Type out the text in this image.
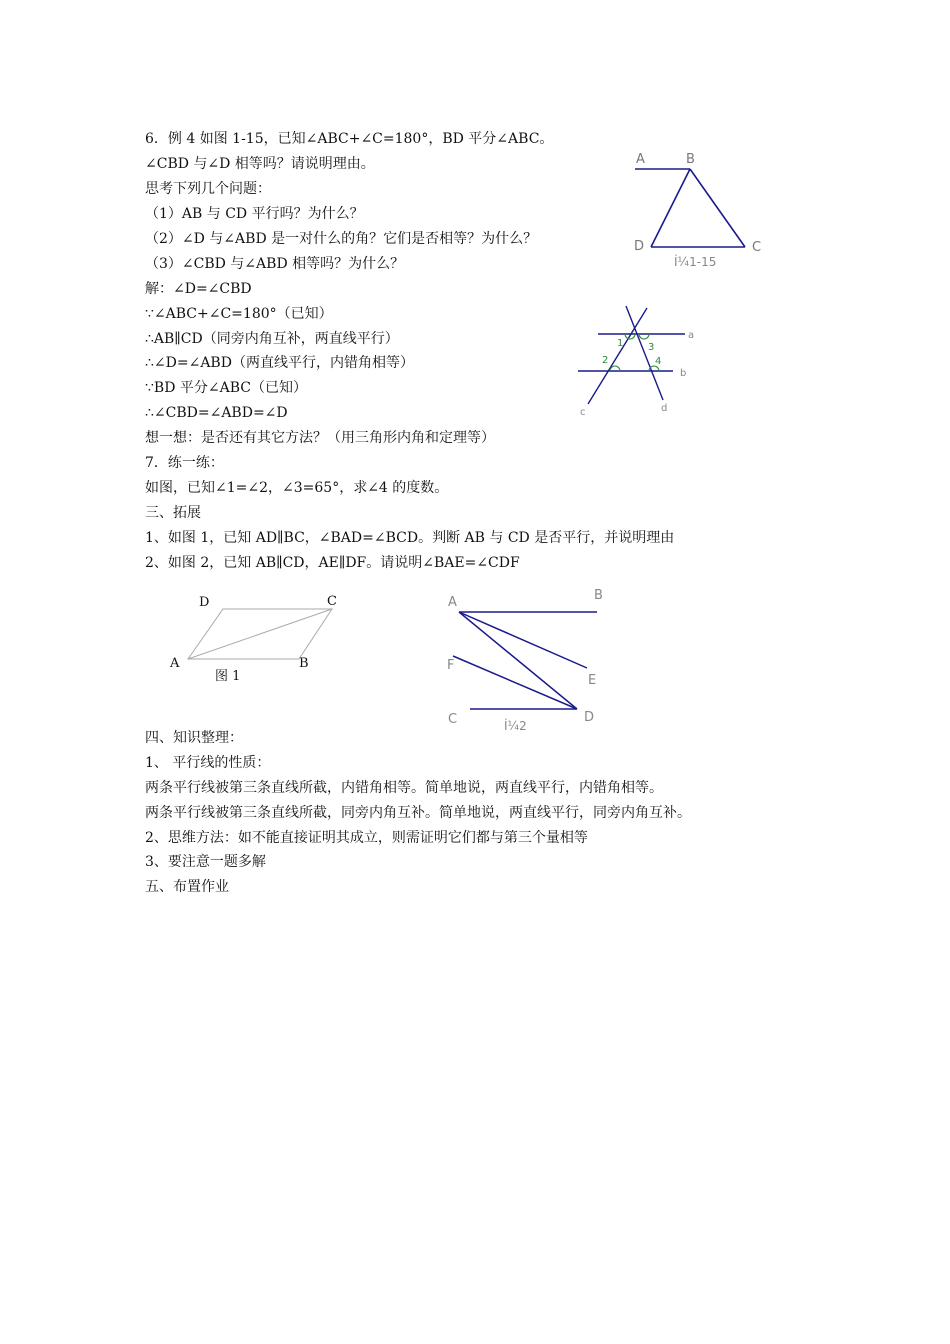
6．例 4 如图 1-15，已知∠ABC+∠C=180°，BD 平分∠ABC。
∠CBD 与∠D 相等吗？请说明理由。
思考下列几个问题：
（1）AB 与 CD 平行吗？为什么？
（2）∠D 与∠ABD 是一对什么的角？它们是否相等？为什么？
（3）∠CBD 与∠ABD 相等吗？为什么？
解：∠D=∠CBD
∵∠ABC+∠C=180°（已知）
∴AB∥CD（同旁内角互补，两直线平行）
∴∠D=∠ABD（两直线平行，内错角相等）
∵BD 平分∠ABC（已知）
∴∠CBD=∠ABD=∠D
想一想：是否还有其它方法？（用三角形内角和定理等）
7．练一练：
如图，已知∠1=∠2，∠3=65°，求∠4 的度数。
三、拓展
1、如图 1，已知 AD∥BC，∠BAD=∠BCD。判断 AB 与 CD 是否平行，并说明理由
2、如图 2，已知 AB∥CD，AE∥DF。请说明∠BAE=∠CDF
四、知识整理：
1、 平行线的性质：
两条平行线被第三条直线所截，内错角相等。简单地说，两直线平行，内错角相等。
两条平行线被第三条直线所截，同旁内角互补。简单地说，两直线平行，同旁内角互补。
2、思维方法：如不能直接证明其成立，则需证明它们都与第三个量相等
3、要注意一题多解
五、布置作业
A	B
D	C
Í¼1-15
1 3
2	4
a
b
c	d
D	C
A	B
图 1
A	B
F
E
C	D
Í¼2
